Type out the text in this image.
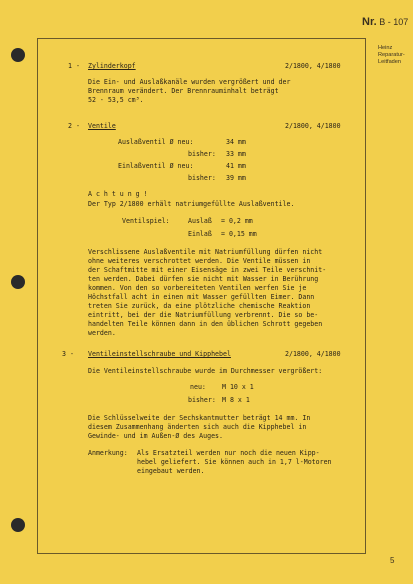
Nr. B - 107
Heinz
Reparatur-
Leitfaden
5
1 - Zylinderkopf	2/1800, 4/1800
Die Ein- und Auslaßkanäle wurden vergrößert und der
Brennraum verändert. Der Brennrauminhalt beträgt
52 - 53,5 cm³.
2 - Ventile	2/1800, 4/1800
Auslaßventil Ø neu:	34 mm
bisher: 33 mm
Einlaßventil Ø neu:	41 mm
bisher: 39 mm
A c h t u n g !
Der Typ 2/1800 erhält natriumgefüllte Auslaßventile.
Ventilspiel:	Auslaß = 0,2 mm
Einlaß = 0,15 mm
Verschlissene Auslaßventile mit Natriumfüllung dürfen nicht
ohne weiteres verschrottet werden. Die Ventile müssen in
der Schaftmitte mit einer Eisensäge in zwei Teile verschnit-
ten werden. Dabei dürfen sie nicht mit Wasser in Berührung
kommen. Von den so vorbereiteten Ventilen werfen Sie je
Höchstfall acht in einen mit Wasser gefüllten Eimer. Dann
treten Sie zurück, da eine plötzliche chemische Reaktion
eintritt, bei der die Natriumfüllung verbrennt. Die so be-
handelten Teile können dann in den üblichen Schrott gegeben
werden.
3 - Ventileinstellschraube und Kipphebel	2/1800, 4/1800
Die Ventileinstellschraube wurde im Durchmesser vergrößert:
neu: M 10 x 1
bisher: M 8 x 1
Die Schlüsselweite der Sechskantmutter beträgt 14 mm. In
diesem Zusammenhang änderten sich auch die Kipphebel in
Gewinde- und im Außen-Ø des Auges.
Anmerkung: Als Ersatzteil werden nur noch die neuen Kipp-
hebel geliefert. Sie können auch in 1,7 l-Motoren
eingebaut werden.
